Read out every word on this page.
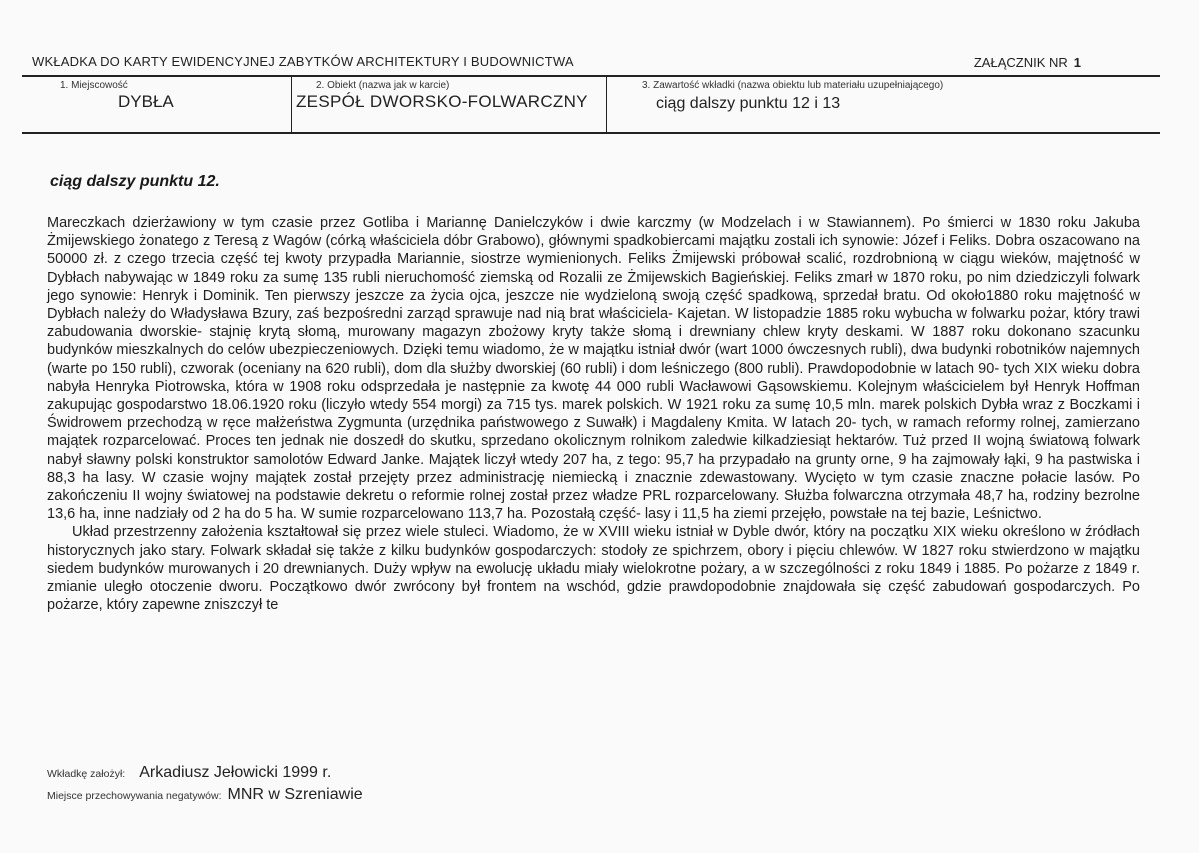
WKŁADKA DO KARTY EWIDENCYJNEJ ZABYTKÓW ARCHITEKTURY I BUDOWNICTWA	ZAŁĄCZNIK NR 1
1. Miejscowość
DYBŁA
2. Obiekt (nazwa jak w karcie)
ZESPÓŁ DWORSKO-FOLWARCZNY
3. Zawartość wkładki (nazwa obiektu lub materiału uzupełniającego)
ciąg dalszy punktu 12 i 13
ciąg dalszy punktu 12.

Mareczkach dzierżawiony w tym czasie przez Gotliba i Mariannę Danielczyków i dwie karczmy (w Modzelach i w Stawiannem). Po śmierci w 1830 roku Jakuba Żmijewskiego żonatego z Teresą z Wagów (córką właściciela dóbr Grabowo), głównymi spadkobiercami majątku zostali ich synowie: Józef i Feliks. Dobra oszacowano na 50000 zł. z czego trzecia część tej kwoty przypadła Mariannie, siostrze wymienionych. Feliks Żmijewski próbował scalić, rozdrobnioną w ciągu wieków, majętność w Dybłach nabywając w 1849 roku za sumę 135 rubli nieruchomość ziemską od Rozalii ze Żmijewskich Bagieńskiej. Feliks zmarł w 1870 roku, po nim dziedziczyli folwark jego synowie: Henryk i Dominik. Ten pierwszy jeszcze za życia ojca, jeszcze nie wydzieloną swoją część spadkową, sprzedał bratu. Od około1880 roku majętność w Dybłach należy do Władysława Bzury, zaś bezpośredni zarząd sprawuje nad nią brat właściciela- Kajetan. W listopadzie 1885 roku wybucha w folwarku pożar, który trawi zabudowania dworskie- stajnię krytą słomą, murowany magazyn zbożowy kryty także słomą i drewniany chlew kryty deskami. W 1887 roku dokonano szacunku budynków mieszkalnych do celów ubezpieczeniowych. Dzięki temu wiadomo, że w majątku istniał dwór (wart 1000 ówczesnych rubli), dwa budynki robotników najemnych (warte po 150 rubli), czworak (oceniany na 620 rubli), dom dla służby dworskiej (60 rubli) i dom leśniczego (800 rubli). Prawdopodobnie w latach 90- tych XIX wieku dobra nabyła Henryka Piotrowska, która w 1908 roku odsprzedała je następnie za kwotę 44 000 rubli Wacławowi Gąsowskiemu. Kolejnym właścicielem był Henryk Hoffman zakupując gospodarstwo 18.06.1920 roku (liczyło wtedy 554 morgi) za 715 tys. marek polskich. W 1921 roku za sumę 10,5 mln. marek polskich Dybła wraz z Boczkami i Świdrowem przechodzą w ręce małżeństwa Zygmunta (urzędnika państwowego z Suwałk) i Magdaleny Kmita. W latach 20- tych, w ramach reformy rolnej, zamierzano majątek rozparcelować. Proces ten jednak nie doszedł do skutku, sprzedano okolicznym rolnikom zaledwie kilkadziesiąt hektarów. Tuż przed II wojną światową folwark nabył sławny polski konstruktor samolotów Edward Janke. Majątek liczył wtedy 207 ha, z tego: 95,7 ha przypadało na grunty orne, 9 ha zajmowały łąki, 9 ha pastwiska i 88,3 ha lasy. W czasie wojny majątek został przejęty przez administrację niemiecką i znacznie zdewastowany. Wycięto w tym czasie znaczne połacie lasów. Po zakończeniu II wojny światowej na podstawie dekretu o reformie rolnej został przez władze PRL rozparcelowany. Służba folwarczna otrzymała 48,7 ha, rodziny bezrolne 13,6 ha, inne nadziały od 2 ha do 5 ha. W sumie rozparcelowano 113,7 ha. Pozostałą część- lasy i 11,5 ha ziemi przejęło, powstałe na tej bazie, Leśnictwo.

Układ przestrzenny założenia kształtował się przez wiele stuleci. Wiadomo, że w XVIII wieku istniał w Dyble dwór, który na początku XIX wieku określono w źródłach historycznych jako stary. Folwark składał się także z kilku budynków gospodarczych: stodoły ze spichrzem, obory i pięciu chlewów. W 1827 roku stwierdzono w majątku siedem budynków murowanych i 20 drewnianych. Duży wpływ na ewolucję układu miały wielokrotne pożary, a w szczególności z roku 1849 i 1885. Po pożarze z 1849 r. zmianie uległo otoczenie dworu. Początkowo dwór zwrócony był frontem na wschód, gdzie prawdopodobnie znajdowała się część zabudowań gospodarczych. Po pożarze, który zapewne zniszczył te

Wkładkę założył: Arkadiusz Jełowicki 1999 r.
Miejsce przechowywania negatywów: MNR w Szreniawie
